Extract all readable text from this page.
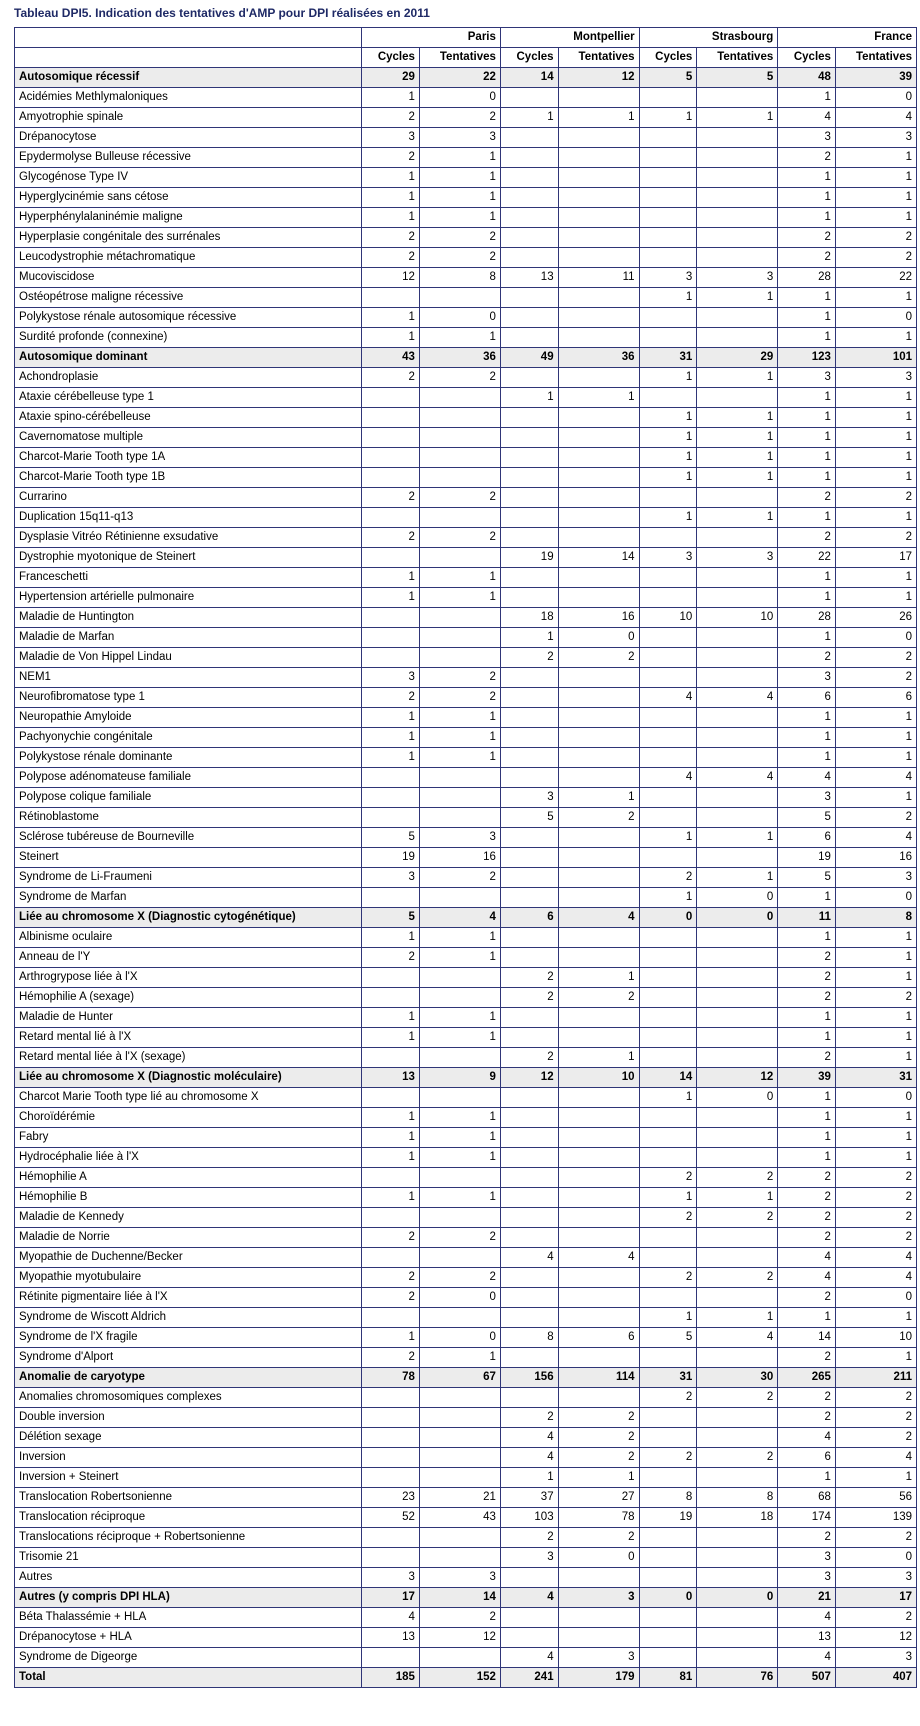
Tableau DPI5. Indication des tentatives d'AMP pour DPI réalisées en 2011
	Paris		Montpellier		Strasbourg		France	
	Cycles	Tentatives	Cycles	Tentatives	Cycles	Tentatives	Cycles	Tentatives
Autosomique récessif	29	22	14	12	5	5	48	39
Acidémies Methlymaloniques	1	0					1	0
Amyotrophie spinale	2	2	1	1	1	1	4	4
Drépanocytose	3	3					3	3
Epydermolyse Bulleuse récessive	2	1					2	1
Glycogénose Type IV	1	1					1	1
Hyperglycinémie sans cétose	1	1					1	1
Hyperphénylalaninémie maligne	1	1					1	1
Hyperplasie congénitale des surrénales	2	2					2	2
Leucodystrophie métachromatique	2	2					2	2
Mucoviscidose	12	8	13	11	3	3	28	22
Ostéopétrose maligne récessive					1	1	1	1
Polykystose rénale autosomique récessive	1	0					1	0
Surdité profonde (connexine)	1	1					1	1
Autosomique dominant	43	36	49	36	31	29	123	101
Achondroplasie	2	2			1	1	3	3
Ataxie cérébelleuse type 1			1	1			1	1
Ataxie spino-cérébelleuse					1	1	1	1
Cavernomatose multiple					1	1	1	1
Charcot-Marie Tooth type 1A					1	1	1	1
Charcot-Marie Tooth type 1B					1	1	1	1
Currarino	2	2					2	2
Duplication 15q11-q13					1	1	1	1
Dysplasie Vitréo Rétinienne exsudative	2	2					2	2
Dystrophie myotonique de Steinert			19	14	3	3	22	17
Franceschetti	1	1					1	1
Hypertension artérielle pulmonaire	1	1					1	1
Maladie de Huntington			18	16	10	10	28	26
Maladie de Marfan			1	0			1	0
Maladie de Von Hippel Lindau			2	2			2	2
NEM1	3	2					3	2
Neurofibromatose type 1	2	2			4	4	6	6
Neuropathie Amyloide	1	1					1	1
Pachyonychie congénitale	1	1					1	1
Polykystose rénale dominante	1	1					1	1
Polypose adénomateuse familiale					4	4	4	4
Polypose colique familiale			3	1			3	1
Rétinoblastome			5	2			5	2
Sclérose tubéreuse de Bourneville	5	3			1	1	6	4
Steinert	19	16					19	16
Syndrome de Li-Fraumeni	3	2			2	1	5	3
Syndrome de Marfan					1	0	1	0
Liée au chromosome X (Diagnostic cytogénétique)	5	4	6	4	0	0	11	8
Albinisme oculaire	1	1					1	1
Anneau de l'Y	2	1					2	1
Arthrogrypose liée à l'X			2	1			2	1
Hémophilie A (sexage)			2	2			2	2
Maladie de Hunter	1	1					1	1
Retard mental lié à l'X	1	1					1	1
Retard mental liée à l'X (sexage)			2	1			2	1
Liée au chromosome X (Diagnostic moléculaire)	13	9	12	10	14	12	39	31
Charcot Marie Tooth type lié au chromosome X					1	0	1	0
Choroïdérémie	1	1					1	1
Fabry	1	1					1	1
Hydrocéphalie liée à l'X	1	1					1	1
Hémophilie A					2	2	2	2
Hémophilie B	1	1			1	1	2	2
Maladie de Kennedy					2	2	2	2
Maladie de Norrie	2	2					2	2
Myopathie de Duchenne/Becker			4	4			4	4
Myopathie myotubulaire	2	2			2	2	4	4
Rétinite pigmentaire liée à l'X	2	0					2	0
Syndrome de Wiscott Aldrich					1	1	1	1
Syndrome de l'X fragile	1	0	8	6	5	4	14	10
Syndrome d'Alport	2	1					2	1
Anomalie de caryotype	78	67	156	114	31	30	265	211
Anomalies chromosomiques complexes					2	2	2	2
Double inversion			2	2			2	2
Délétion sexage			4	2			4	2
Inversion			4	2	2	2	6	4
Inversion + Steinert			1	1			1	1
Translocation Robertsonienne	23	21	37	27	8	8	68	56
Translocation réciproque	52	43	103	78	19	18	174	139
Translocations réciproque + Robertsonienne			2	2			2	2
Trisomie 21			3	0			3	0
Autres	3	3					3	3
Autres (y compris DPI HLA)	17	14	4	3	0	0	21	17
Béta Thalassémie + HLA	4	2					4	2
Drépanocytose + HLA	13	12					13	12
Syndrome de Digeorge			4	3			4	3
Total	185	152	241	179	81	76	507	407
